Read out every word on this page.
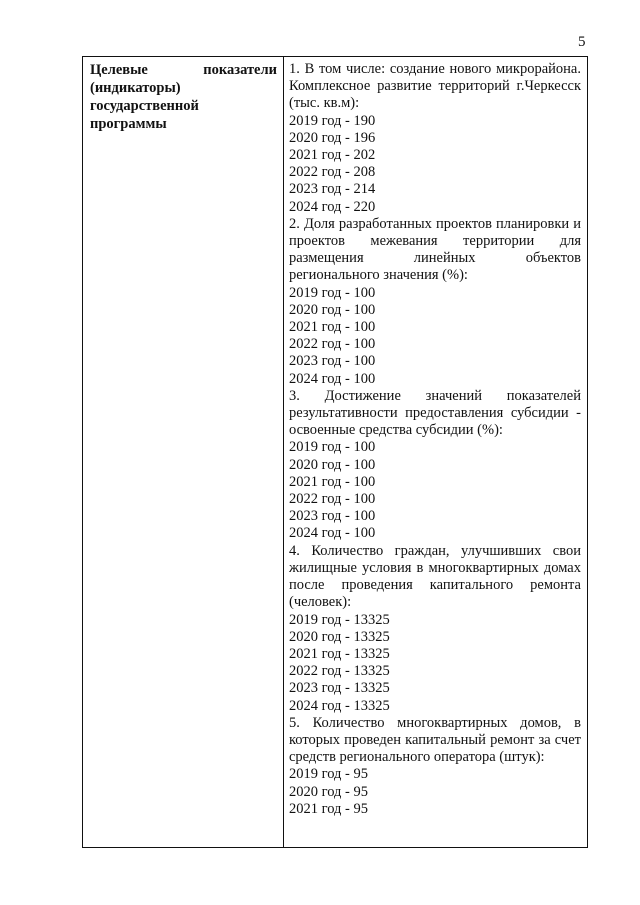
5

Целевые показатели (индикаторы) государственной программы

1. В том числе: создание нового микрорайона. Комплексное развитие территорий г.Черкесск (тыс. кв.м):

2019 год - 190

2020 год - 196

2021 год - 202

2022 год - 208

2023 год - 214

2024 год - 220

2. Доля разработанных проектов планировки и проектов межевания территории для размещения линейных объектов регионального значения (%):

2019 год - 100

2020 год - 100

2021 год - 100

2022 год - 100

2023 год - 100

2024 год - 100

3. Достижение значений показателей результативности предоставления субсидии - освоенные средства субсидии (%):

2019 год - 100

2020 год - 100

2021 год - 100

2022 год - 100

2023 год - 100

2024 год - 100

4. Количество граждан, улучшивших свои жилищные условия в многоквартирных домах после проведения капитального ремонта (человек):

2019 год - 13325

2020 год - 13325

2021 год - 13325

2022 год - 13325

2023 год - 13325

2024 год - 13325

5. Количество многоквартирных домов, в которых проведен капитальный ремонт за счет средств регионального оператора (штук):

2019 год - 95

2020 год - 95

2021 год - 95
